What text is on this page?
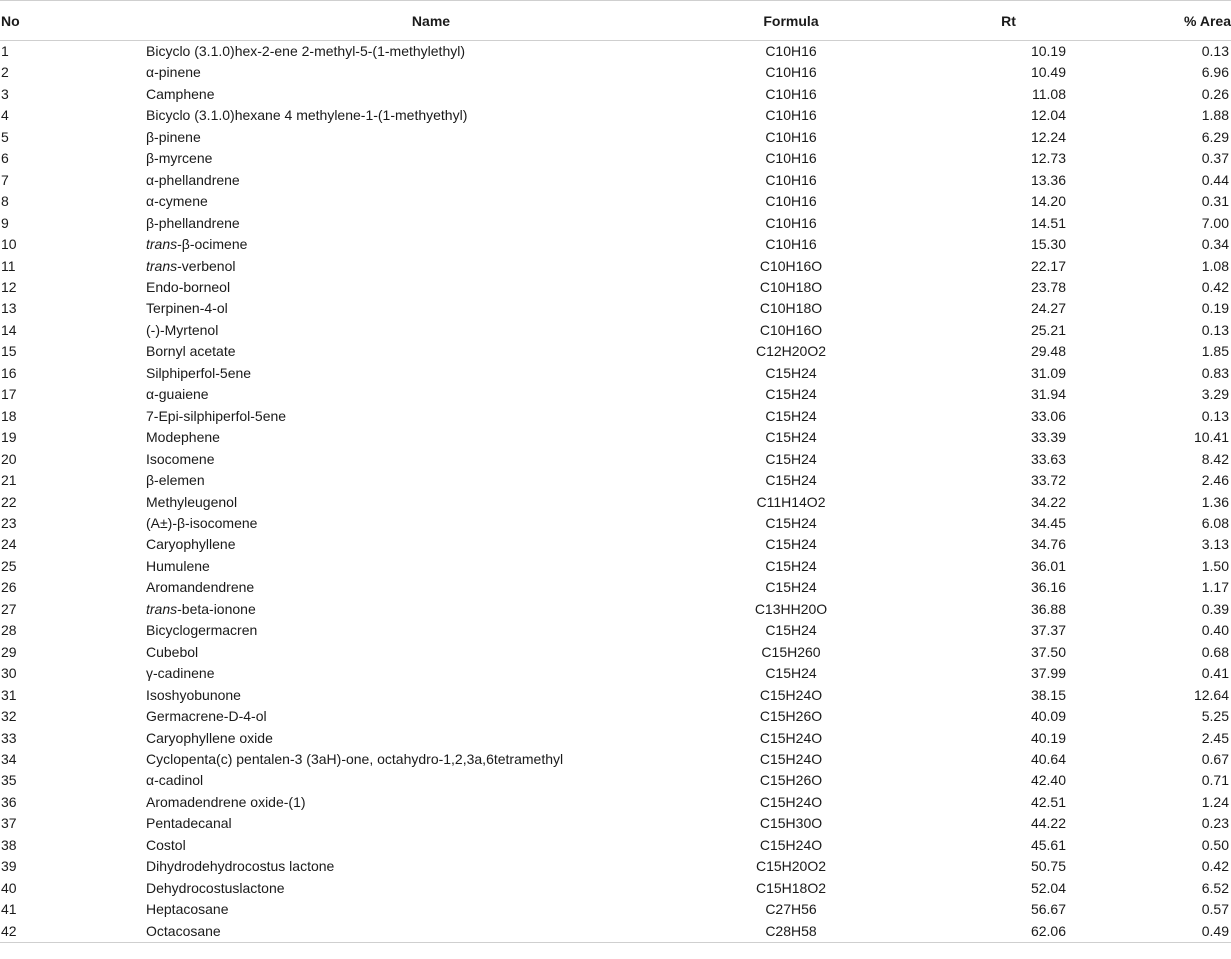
No	Name	Formula	Rt	% Area
1	Bicyclo (3.1.0)hex-2-ene 2-methyl-5-(1-methylethyl)	C10H16	10.19	0.13
2	α-pinene	C10H16	10.49	6.96
3	Camphene	C10H16	11.08	0.26
4	Bicyclo (3.1.0)hexane 4 methylene-1-(1-methyethyl)	C10H16	12.04	1.88
5	β-pinene	C10H16	12.24	6.29
6	β-myrcene	C10H16	12.73	0.37
7	α-phellandrene	C10H16	13.36	0.44
8	α-cymene	C10H16	14.20	0.31
9	β-phellandrene	C10H16	14.51	7.00
10	trans-β-ocimene	C10H16	15.30	0.34
11	trans-verbenol	C10H16O	22.17	1.08
12	Endo-borneol	C10H18O	23.78	0.42
13	Terpinen-4-ol	C10H18O	24.27	0.19
14	(-)-Myrtenol	C10H16O	25.21	0.13
15	Bornyl acetate	C12H20O2	29.48	1.85
16	Silphiperfol-5ene	C15H24	31.09	0.83
17	α-guaiene	C15H24	31.94	3.29
18	7-Epi-silphiperfol-5ene	C15H24	33.06	0.13
19	Modephene	C15H24	33.39	10.41
20	Isocomene	C15H24	33.63	8.42
21	β-elemen	C15H24	33.72	2.46
22	Methyleugenol	C11H14O2	34.22	1.36
23	(A±)-β-isocomene	C15H24	34.45	6.08
24	Caryophyllene	C15H24	34.76	3.13
25	Humulene	C15H24	36.01	1.50
26	Aromandendrene	C15H24	36.16	1.17
27	trans-beta-ionone	C13HH20O	36.88	0.39
28	Bicyclogermacren	C15H24	37.37	0.40
29	Cubebol	C15H260	37.50	0.68
30	γ-cadinene	C15H24	37.99	0.41
31	Isoshyobunone	C15H24O	38.15	12.64
32	Germacrene-D-4-ol	C15H26O	40.09	5.25
33	Caryophyllene oxide	C15H24O	40.19	2.45
34	Cyclopenta(c) pentalen-3 (3aH)-one, octahydro-1,2,3a,6tetramethyl	C15H24O	40.64	0.67
35	α-cadinol	C15H26O	42.40	0.71
36	Aromadendrene oxide-(1)	C15H24O	42.51	1.24
37	Pentadecanal	C15H30O	44.22	0.23
38	Costol	C15H24O	45.61	0.50
39	Dihydrodehydrocostus lactone	C15H20O2	50.75	0.42
40	Dehydrocostuslactone	C15H18O2	52.04	6.52
41	Heptacosane	C27H56	56.67	0.57
42	Octacosane	C28H58	62.06	0.49
